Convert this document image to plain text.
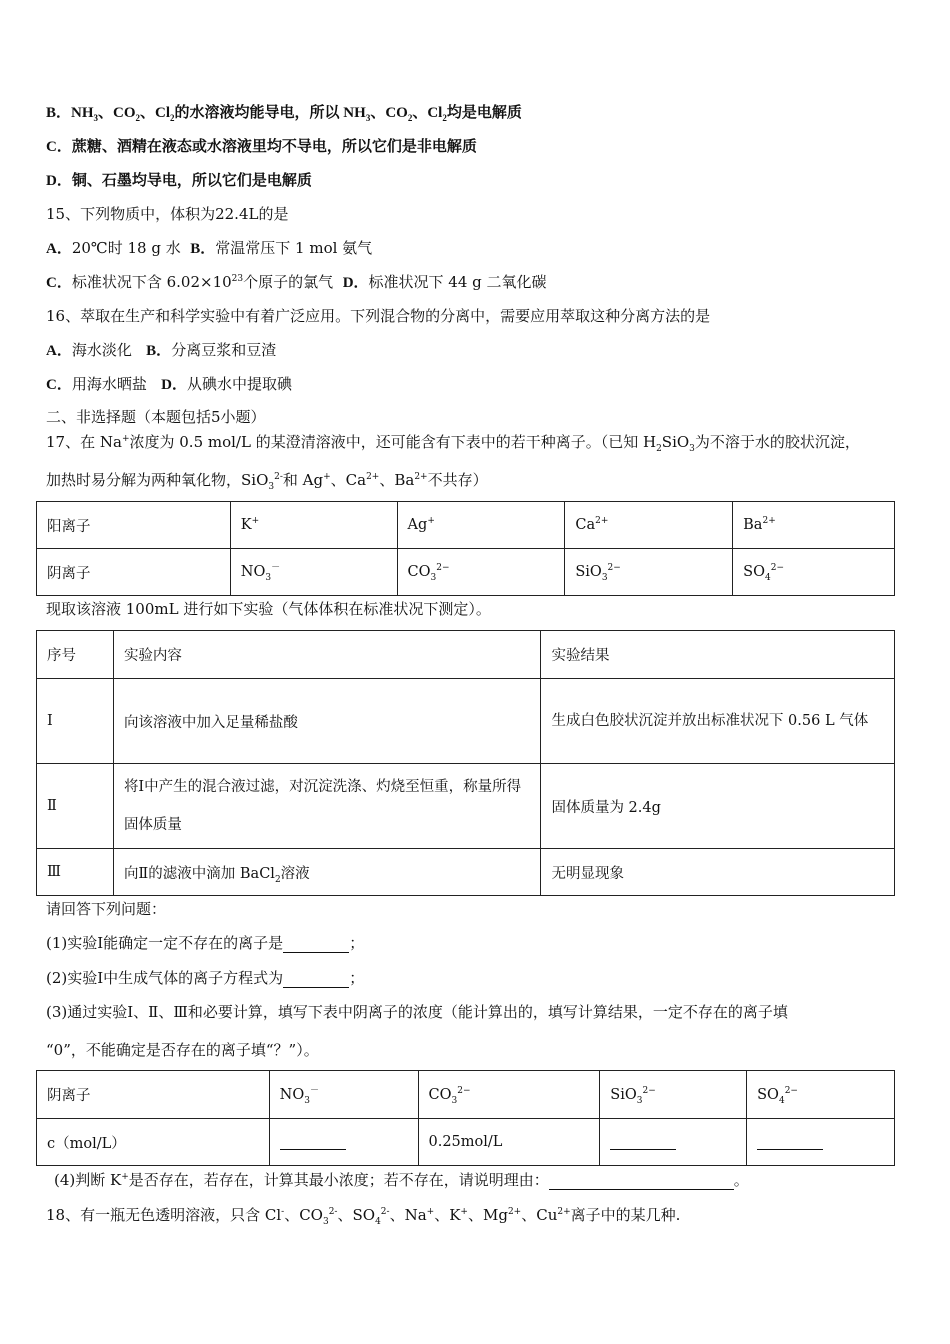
B．$NH_3$、$CO_2$、$Cl_2$的水溶液均能导电，所以 $NH_3$、$CO_2$、$Cl_2$均是电解质
C．蔗糖、酒精在液态或水溶液里均不导电，所以它们是非电解质
D．铜、石墨均导电，所以它们是电解质
15、下列物质中，体积为22.4L的是
A．20℃时 18 g 水 B．常温常压下 1 mol 氨气
C．标准状况下含 $6.02\times 10^{23}$个原子的氯气 D．标准状况下 44 g 二氧化碳
16、萃取在生产和科学实验中有着广泛应用。下列混合物的分离中，需要应用萃取这种分离方法的是
A．海水淡化 B．分离豆浆和豆渣
C．用海水晒盐 D．从碘水中提取碘
二、非选择题（本题包括5小题）
17、在 Na+浓度为 0.5 mol/L 的某澄清溶液中，还可能含有下表中的若干种离子。（已知 $H_2SiO_3$为不溶于水的胶状沉淀，
加热时易分解为两种氧化物，SiO$_3^{2-}$和 Ag+、$Ca^{2+}$、$Ba^{2+}$不共存）
阳离子	K+	Ag+	$Ca^{2+}$	$Ba^{2+}$
阴离子	$NO_3^-$	$CO_3^{2-}$	SiO$_3^{2-}$	$SO_4^{2-}$
现取该溶液 100mL 进行如下实验（气体体积在标准状况下测定）。
序号	实验内容	实验结果
Ⅰ	向该溶液中加入足量稀盐酸	生成白色胶状沉淀并放出标准状况下 0.56 L 气体
Ⅱ	将Ⅰ中产生的混合液过滤，对沉淀洗涤、灼烧至恒重，称量所得固体质量	固体质量为 2.4g
Ⅲ	向Ⅱ的滤液中滴加 BaCl$_2$溶液	无明显现象
请回答下列问题：
(1)实验Ⅰ能确定一定不存在的离子是	；
(2)实验Ⅰ中生成气体的离子方程式为	；
(3)通过实验Ⅰ、Ⅱ、Ⅲ和必要计算，填写下表中阴离子的浓度（能计算出的，填写计算结果，一定不存在的离子填
“0”，不能确定是否存在的离子填“？”）。
阴离子	$NO_3^-$	$CO_3^{2-}$	SiO$_3^{2-}$	$SO_4^{2-}$
c（mol/L）		0.25mol/L		
(4)判断 K+是否存在，若存在，计算其最小浓度；若不存在，请说明理由：	。
18、有一瓶无色透明溶液，只含 Cl-、$CO_3^{2-}$、$SO_4^{2-}$、Na+、K+、$Mg^{2+}$、$Cu^{2+}$离子中的某几种.
